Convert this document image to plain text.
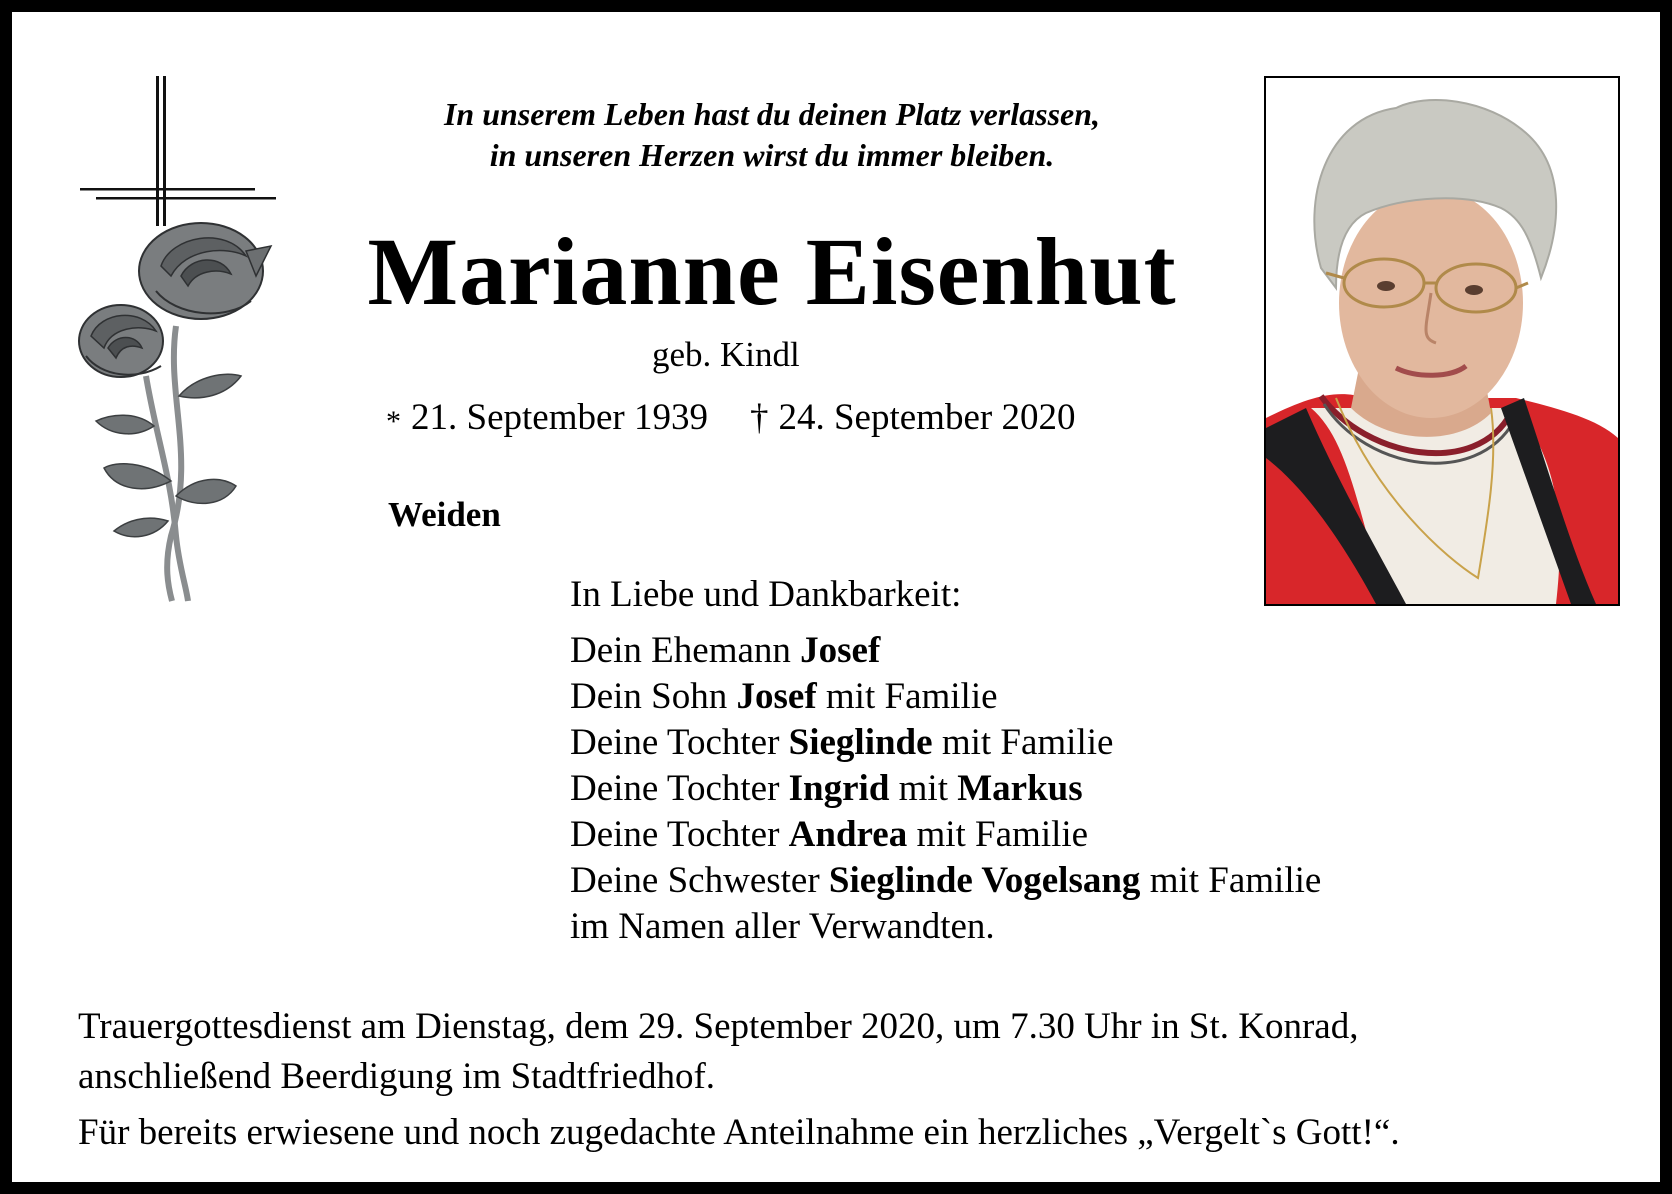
In unserem Leben hast du deinen Platz verlassen,
in unseren Herzen wirst du immer bleiben.
Marianne Eisenhut
geb. Kindl
* 21. September 1939 † 24. September 2020
Weiden
In Liebe und Dankbarkeit:
Dein Ehemann Josef
Dein Sohn Josef mit Familie
Deine Tochter Sieglinde mit Familie
Deine Tochter Ingrid mit Markus
Deine Tochter Andrea mit Familie
Deine Schwester Sieglinde Vogelsang mit Familie
im Namen aller Verwandten.
Trauergottesdienst am Dienstag, dem 29. September 2020, um 7.30 Uhr in St. Konrad,
anschließend Beerdigung im Stadtfriedhof.
Für bereits erwiesene und noch zugedachte Anteilnahme ein herzliches „Vergelt`s Gott!“.
